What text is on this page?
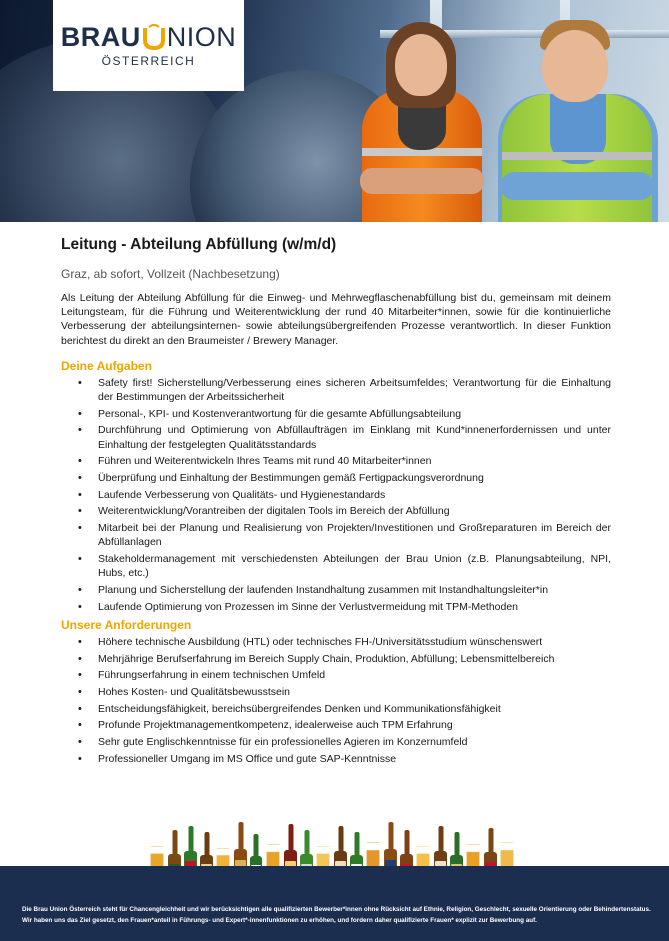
BRAU NION
ÖSTERREICH
Leitung - Abteilung Abfüllung (w/m/d)
Graz, ab sofort, Vollzeit (Nachbesetzung)

Als Leitung der Abteilung Abfüllung für die Einweg- und Mehrwegflaschenabfüllung bist du, gemeinsam mit deinem Leitungsteam, für die Führung und Weiterentwicklung der rund 40 Mitarbeiter*innen, sowie für die kontinuierliche Verbesserung der abteilungsinternen- sowie abteilungsübergreifenden Prozesse verantwortlich. In dieser Funktion berichtest du direkt an den Braumeister / Brewery Manager.

Deine Aufgaben
• Safety first! Sicherstellung/Verbesserung eines sicheren Arbeitsumfeldes; Verantwortung für die Einhaltung der Bestimmungen der Arbeitssicherheit
• Personal-, KPI- und Kostenverantwortung für die gesamte Abfüllungsabteilung
• Durchführung und Optimierung von Abfüllaufträgen im Einklang mit Kund*innenerfordernissen und unter Einhaltung der festgelegten Qualitätsstandards
• Führen und Weiterentwickeln Ihres Teams mit rund 40 Mitarbeiter*innen
• Überprüfung und Einhaltung der Bestimmungen gemäß Fertigpackungsverordnung
• Laufende Verbesserung von Qualitäts- und Hygienestandards
• Weiterentwicklung/Vorantreiben der digitalen Tools im Bereich der Abfüllung
• Mitarbeit bei der Planung und Realisierung von Projekten/Investitionen und Großreparaturen im Bereich der Abfüllanlagen
• Stakeholdermanagement mit verschiedensten Abteilungen der Brau Union (z.B. Planungsabteilung, NPI, Hubs, etc.)
• Planung und Sicherstellung der laufenden Instandhaltung zusammen mit Instandhaltungsleiter*in
• Laufende Optimierung von Prozessen im Sinne der Verlustvermeidung mit TPM-Methoden
Unsere Anforderungen
• Höhere technische Ausbildung (HTL) oder technisches FH-/Universitätsstudium wünschenswert
• Mehrjährige Berufserfahrung im Bereich Supply Chain, Produktion, Abfüllung; Lebensmittelbereich
• Führungserfahrung in einem technischen Umfeld
• Hohes Kosten- und Qualitätsbewusstsein
• Entscheidungsfähigkeit, bereichsübergreifendes Denken und Kommunikationsfähigkeit
• Profunde Projektmanagementkompetenz, idealerweise auch TPM Erfahrung
• Sehr gute Englischkenntnisse für ein professionelles Agieren im Konzernumfeld
• Professioneller Umgang im MS Office und gute SAP-Kenntnisse

Die Brau Union Österreich steht für Chancengleichheit und wir berücksichtigen alle qualifizierten Bewerber*innen ohne Rücksicht auf Ethnie, Religion, Geschlecht, sexuelle Orientierung oder Behindertenstatus. Wir haben uns das Ziel gesetzt, den Frauen*anteil in Führungs- und Expert*-innenfunktionen zu erhöhen, und fordern daher qualifizierte Frauen* explizit zur Bewerbung auf.
